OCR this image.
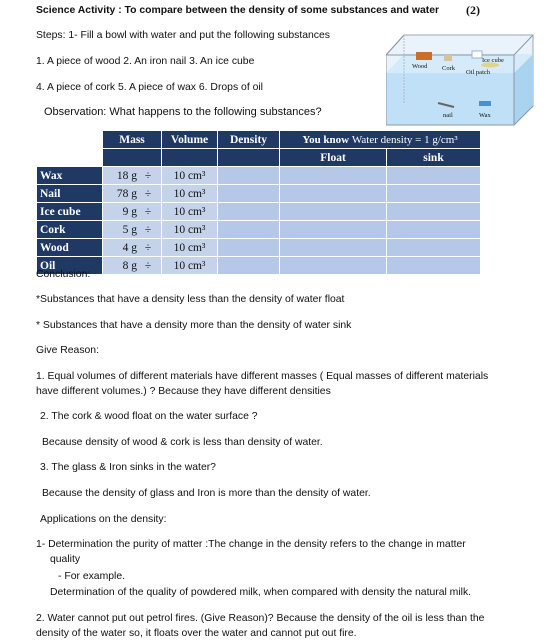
Science Activity : To compare between the density of some substances and water (2)
Steps: 1- Fill a bowl with water and put the following substances
1. A piece of wood 2. An iron nail 3. An ice cube
4. A piece of cork 5. A piece of wax 6. Drops of oil
Observation: What happens to the following substances?
Wood Cork
Ice cube
Oil patch
nail	Wax
	Mass	Volume	Density	You know Water density = 1 g/cm³	
				Float	sink
Wax	18 g ÷	10 cm³			
Nail	78 g ÷	10 cm³			
Ice cube	9 g ÷	10 cm³			
Cork	5 g ÷	10 cm³			
Wood	4 g ÷	10 cm³			
Oil	8 g ÷	10 cm³			
Conclusion:
*Substances that have a density less than the density of water float
* Substances that have a density more than the density of water sink
Give Reason:
1. Equal volumes of different materials have different masses ( Equal masses of different materials
have different volumes.) ? Because they have different densities
2. The cork & wood float on the water surface ?
Because density of wood & cork is less than density of water.
3. The glass & Iron sinks in the water?
Because the density of glass and Iron is more than the density of water.
Applications on the density:
1- Determination the purity of matter :The change in the density refers to the change in matter
quality
- For example.
Determination of the quality of powdered milk, when compared with density the natural milk.
2. Water cannot put out petrol fires. (Give Reason)? Because the density of the oil is less than the
density of the water so, it floats over the water and cannot put out fire.
